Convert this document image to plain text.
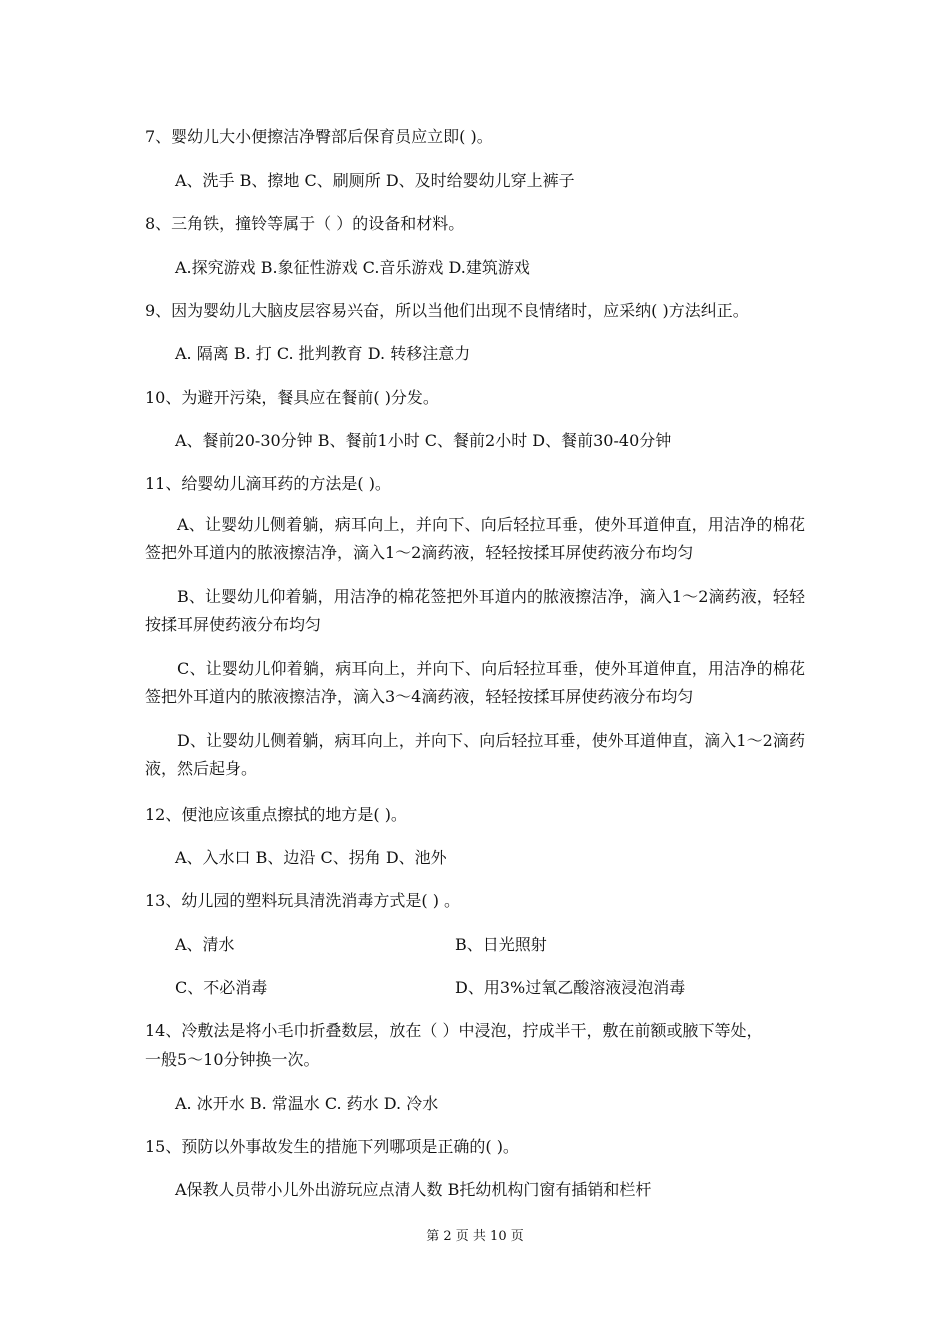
7、婴幼儿大小便擦洁净臀部后保育员应立即( )。
A、洗手 B、擦地 C、刷厕所 D、及时给婴幼儿穿上裤子
8、三角铁，撞铃等属于（ ）的设备和材料。
A.探究游戏 B.象征性游戏 C.音乐游戏 D.建筑游戏
9、因为婴幼儿大脑皮层容易兴奋，所以当他们出现不良情绪时，应采纳( )方法纠正。
A. 隔离 B. 打 C. 批判教育 D. 转移注意力
10、为避开污染，餐具应在餐前( )分发。
A、餐前20-30分钟 B、餐前1小时 C、餐前2小时 D、餐前30-40分钟
11、给婴幼儿滴耳药的方法是( )。
A、让婴幼儿侧着躺，病耳向上，并向下、向后轻拉耳垂，使外耳道伸直，用洁净的棉花签把外耳道内的脓液擦洁净，滴入1～2滴药液，轻轻按揉耳屏使药液分布均匀
B、让婴幼儿仰着躺，用洁净的棉花签把外耳道内的脓液擦洁净，滴入1～2滴药液，轻轻按揉耳屏使药液分布均匀
C、让婴幼儿仰着躺，病耳向上，并向下、向后轻拉耳垂，使外耳道伸直，用洁净的棉花签把外耳道内的脓液擦洁净，滴入3～4滴药液，轻轻按揉耳屏使药液分布均匀
D、让婴幼儿侧着躺，病耳向上，并向下、向后轻拉耳垂，使外耳道伸直，滴入1～2滴药液，然后起身。
12、便池应该重点擦拭的地方是( )。
A、入水口 B、边沿 C、拐角 D、池外
13、幼儿园的塑料玩具清洗消毒方式是( ) 。
A、清水	B、日光照射
C、不必消毒	D、用3%过氧乙酸溶液浸泡消毒
14、冷敷法是将小毛巾折叠数层，放在（ ）中浸泡，拧成半干，敷在前额或腋下等处，
一般5～10分钟换一次。
A. 冰开水 B. 常温水 C. 药水 D. 冷水
15、预防以外事故发生的措施下列哪项是正确的( )。
A保教人员带小儿外出游玩应点清人数 B托幼机构门窗有插销和栏杆
第 2 页 共 10 页
